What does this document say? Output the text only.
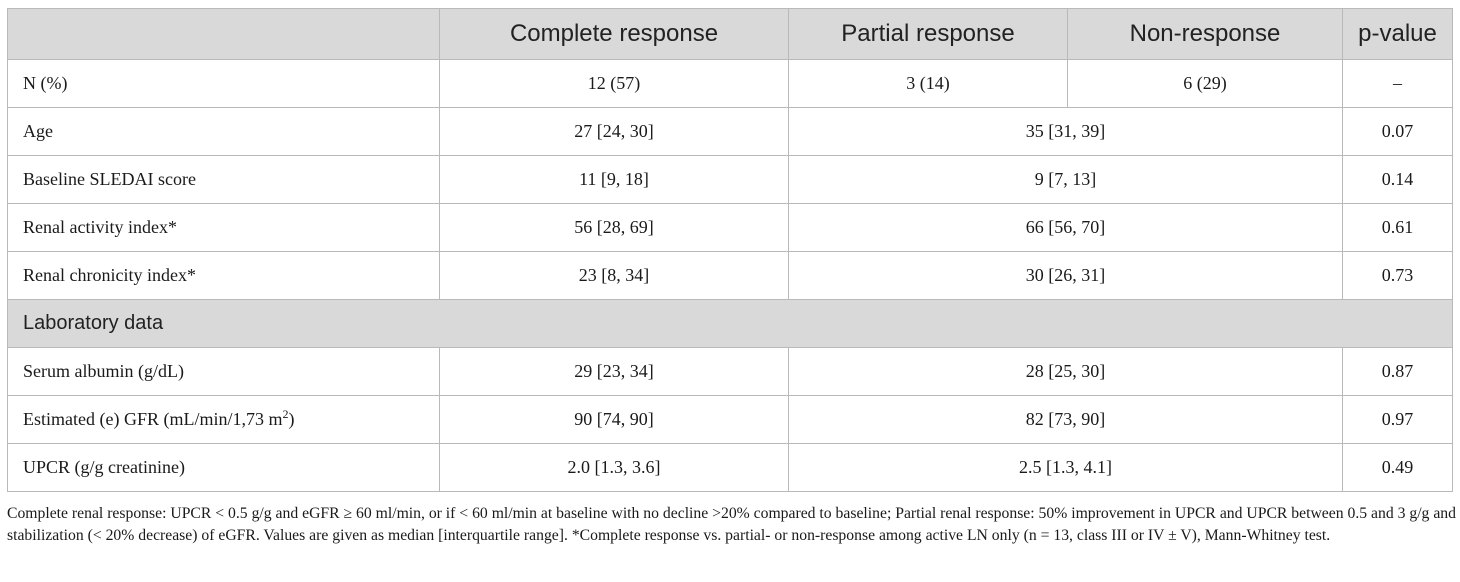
	Complete response	Partial response	Non-response	p-value
N (%)	12 (57)	3 (14)	6 (29)	–
Age	27 [24, 30]	35 [31, 39]		0.07
Baseline SLEDAI score	11 [9, 18]	9 [7, 13]		0.14
Renal activity index*	56 [28, 69]	66 [56, 70]		0.61
Renal chronicity index*	23 [8, 34]	30 [26, 31]		0.73
Laboratory data				
Serum albumin (g/dL)	29 [23, 34]	28 [25, 30]		0.87
Estimated (e) GFR (mL/min/1,73 $m^2$)	90 [74, 90]	82 [73, 90]		0.97
UPCR (g/g creatinine)	2.0 [1.3, 3.6]	2.5 [1.3, 4.1]		0.49

Complete renal response: UPCR < 0.5 g/g and eGFR ≥ 60 ml/min, or if < 60 ml/min at baseline with no decline >20% compared to baseline; Partial renal response: 50% improvement in UPCR and UPCR between 0.5 and 3 g/g and stabilization (< 20% decrease) of eGFR. Values are given as median [interquartile range]. *Complete response vs. partial- or non-response among active LN only (n = 13, class III or IV ± V), Mann-Whitney test.
